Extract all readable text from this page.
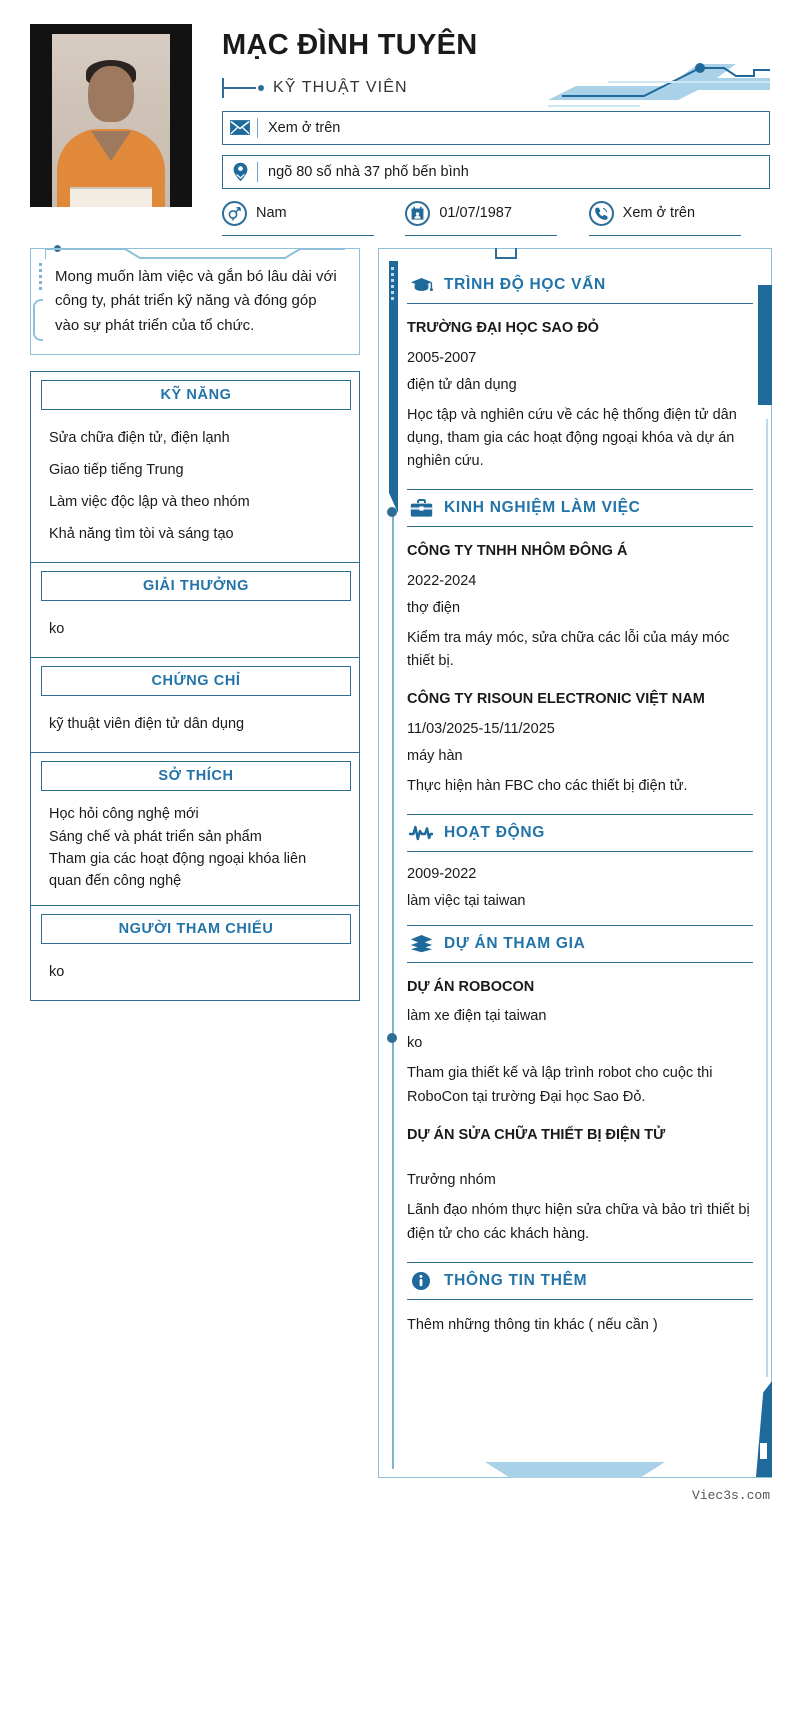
MẠC ĐÌNH TUYÊN
KỸ THUẬT VIÊN
Xem ở trên
ngõ 80 số nhà 37 phố bến bình
Nam	01/07/1987	Xem ở trên
Mong muốn làm việc và gắn bó lâu dài với công ty, phát triển kỹ năng và đóng góp vào sự phát triển của tổ chức.
KỸ NĂNG
Sửa chữa điện tử, điện lạnh
Giao tiếp tiếng Trung
Làm việc độc lập và theo nhóm
Khả năng tìm tòi và sáng tạo
GIẢI THƯỞNG
ko
CHỨNG CHỈ
kỹ thuật viên điện tử dân dụng
SỞ THÍCH
Học hỏi công nghệ mới
Sáng chế và phát triển sản phẩm
Tham gia các hoạt động ngoại khóa liên quan đến công nghệ
NGƯỜI THAM CHIẾU
ko
TRÌNH ĐỘ HỌC VẤN
TRƯỜNG ĐẠI HỌC SAO ĐỎ
2005-2007
điện tử dân dụng
Học tập và nghiên cứu về các hệ thống điện tử dân dụng, tham gia các hoạt động ngoại khóa và dự án nghiên cứu.
KINH NGHIỆM LÀM VIỆC
CÔNG TY TNHH NHÔM ĐÔNG Á
2022-2024
thợ điện
Kiểm tra máy móc, sửa chữa các lỗi của máy móc thiết bị.
CÔNG TY RISOUN ELECTRONIC VIỆT NAM
11/03/2025-15/11/2025
máy hàn
Thực hiện hàn FBC cho các thiết bị điện tử.
HOẠT ĐỘNG
2009-2022
làm việc tại taiwan
DỰ ÁN THAM GIA
DỰ ÁN ROBOCON
làm xe điện tại taiwan
ko
Tham gia thiết kế và lập trình robot cho cuộc thi RoboCon tại trường Đại học Sao Đỏ.
DỰ ÁN SỬA CHỮA THIẾT BỊ ĐIỆN TỬ
Trưởng nhóm
Lãnh đạo nhóm thực hiện sửa chữa và bảo trì thiết bị điện tử cho các khách hàng.
THÔNG TIN THÊM
Thêm những thông tin khác ( nếu cần )
Viec3s.com
